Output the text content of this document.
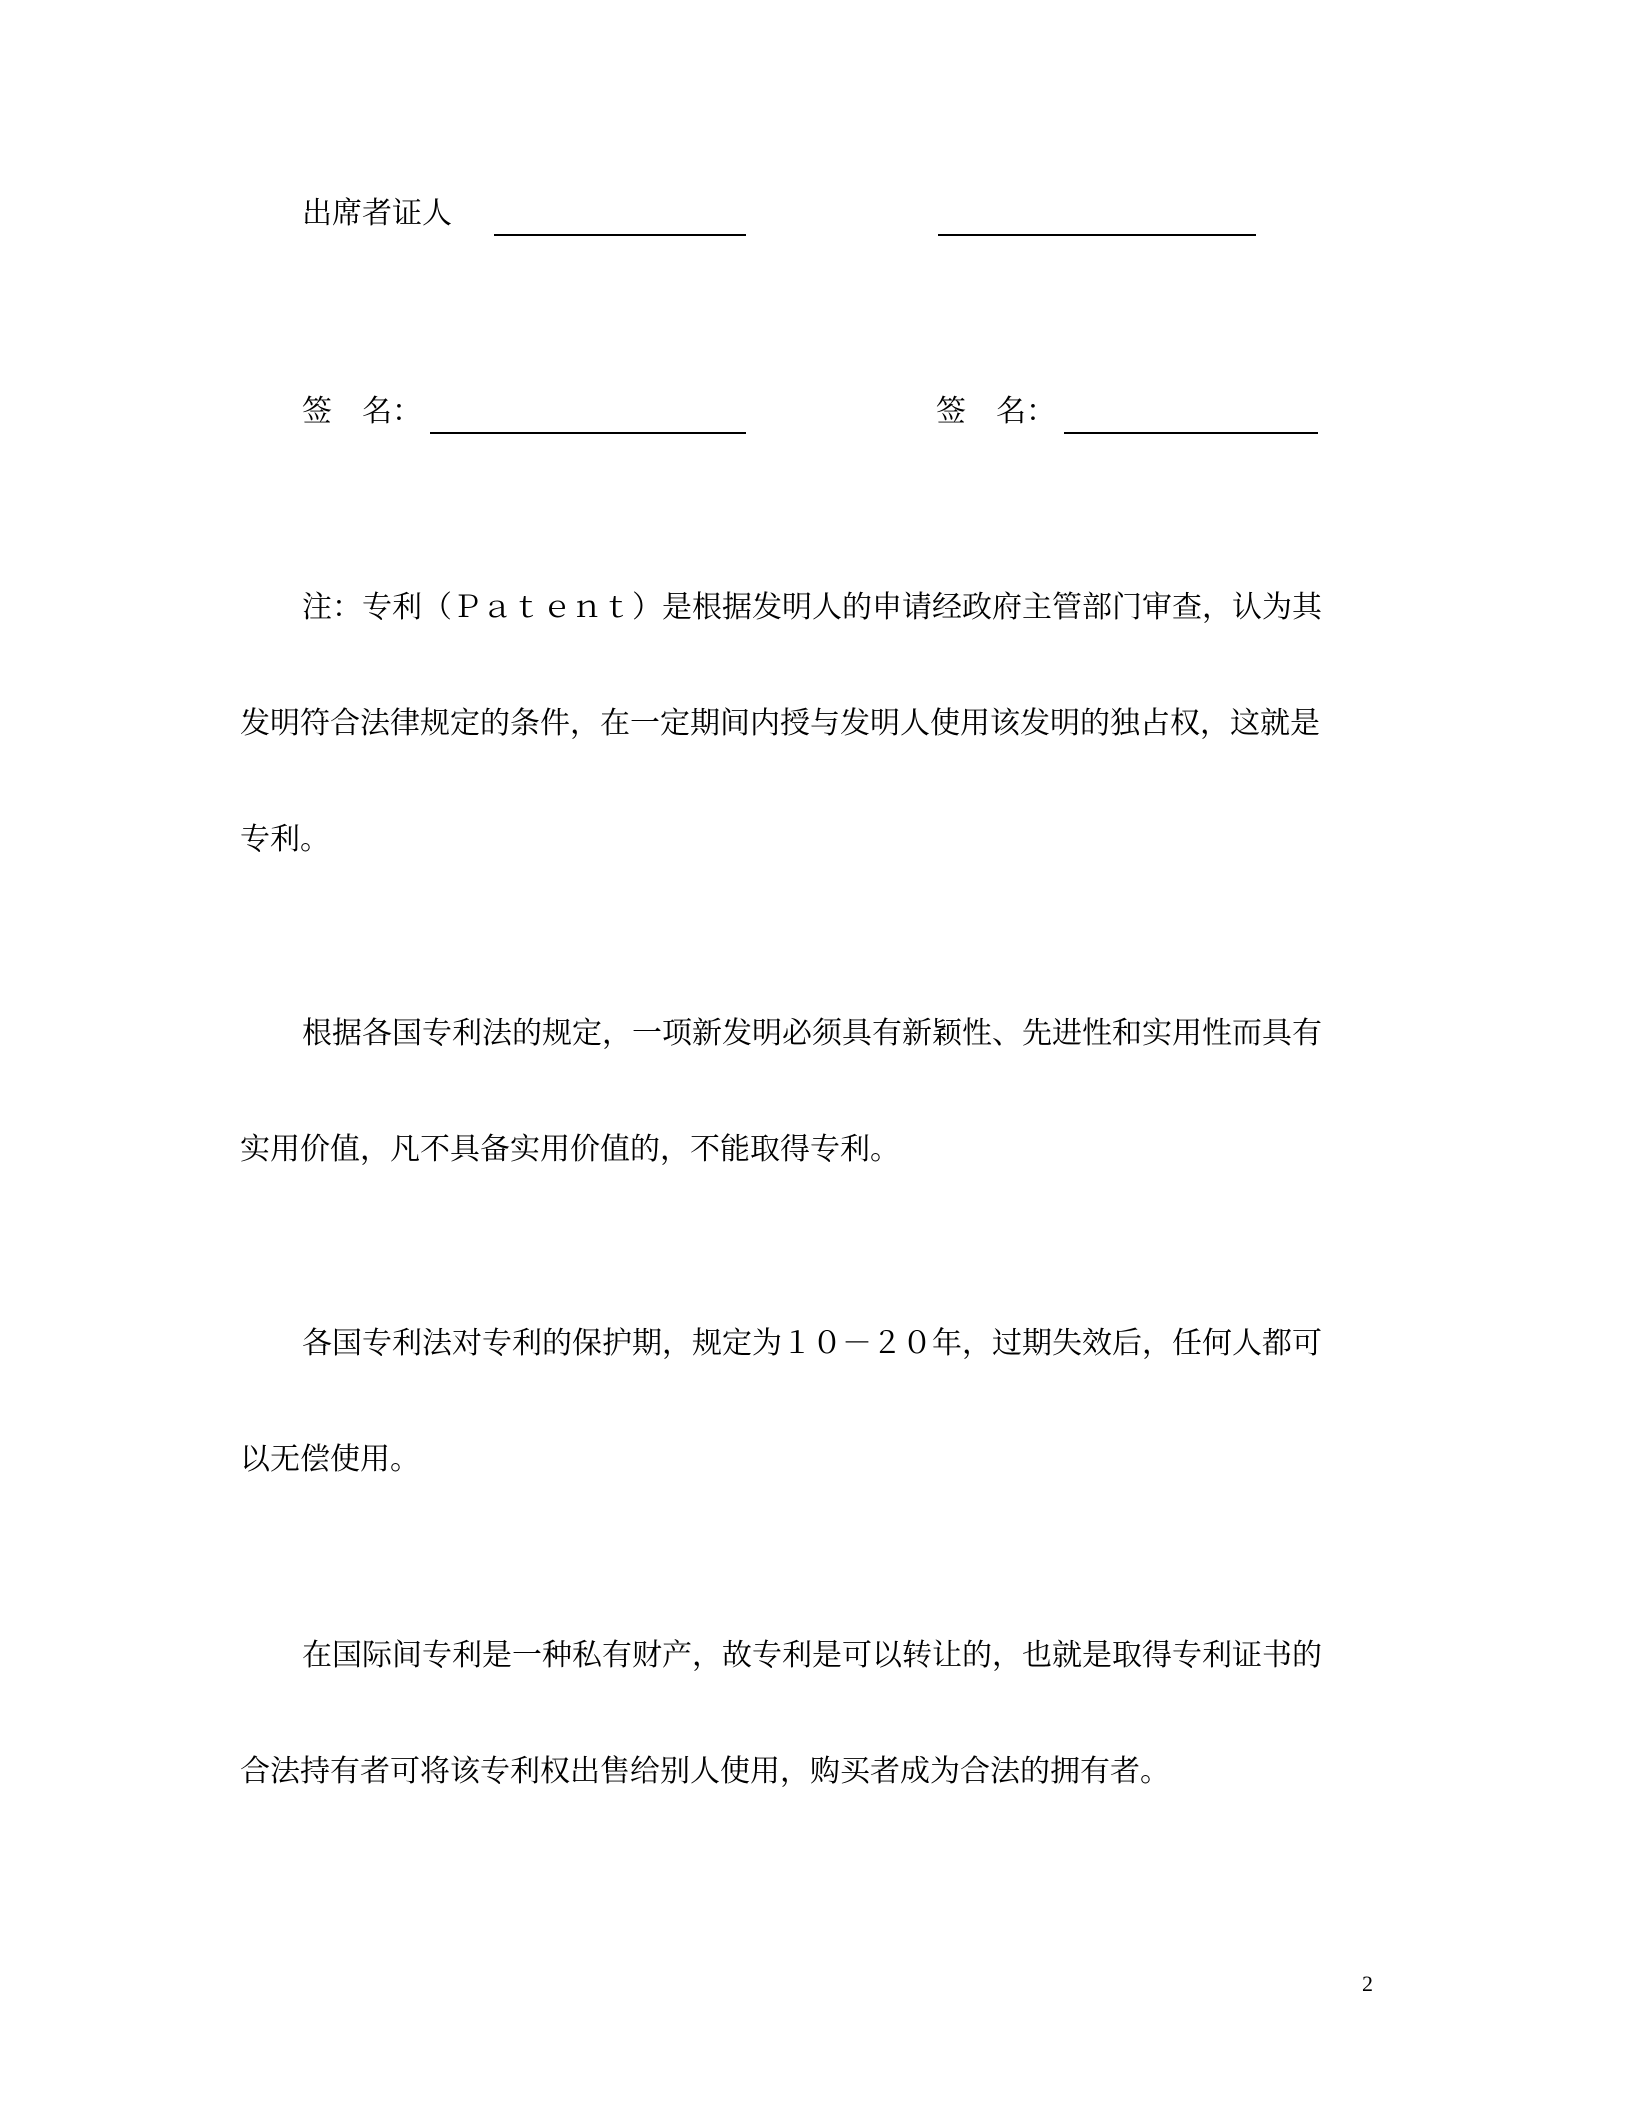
出席者证人
签　名：	签　名：
注：专利（Ｐａｔｅｎｔ）是根据发明人的申请经政府主管部门审查，认为其
发明符合法律规定的条件，在一定期间内授与发明人使用该发明的独占权，这就是
专利。
根据各国专利法的规定，一项新发明必须具有新颖性、先进性和实用性而具有
实用价值，凡不具备实用价值的，不能取得专利。
各国专利法对专利的保护期，规定为１０－２０年，过期失效后，任何人都可
以无偿使用。
在国际间专利是一种私有财产，故专利是可以转让的，也就是取得专利证书的
合法持有者可将该专利权出售给别人使用，购买者成为合法的拥有者。
2
